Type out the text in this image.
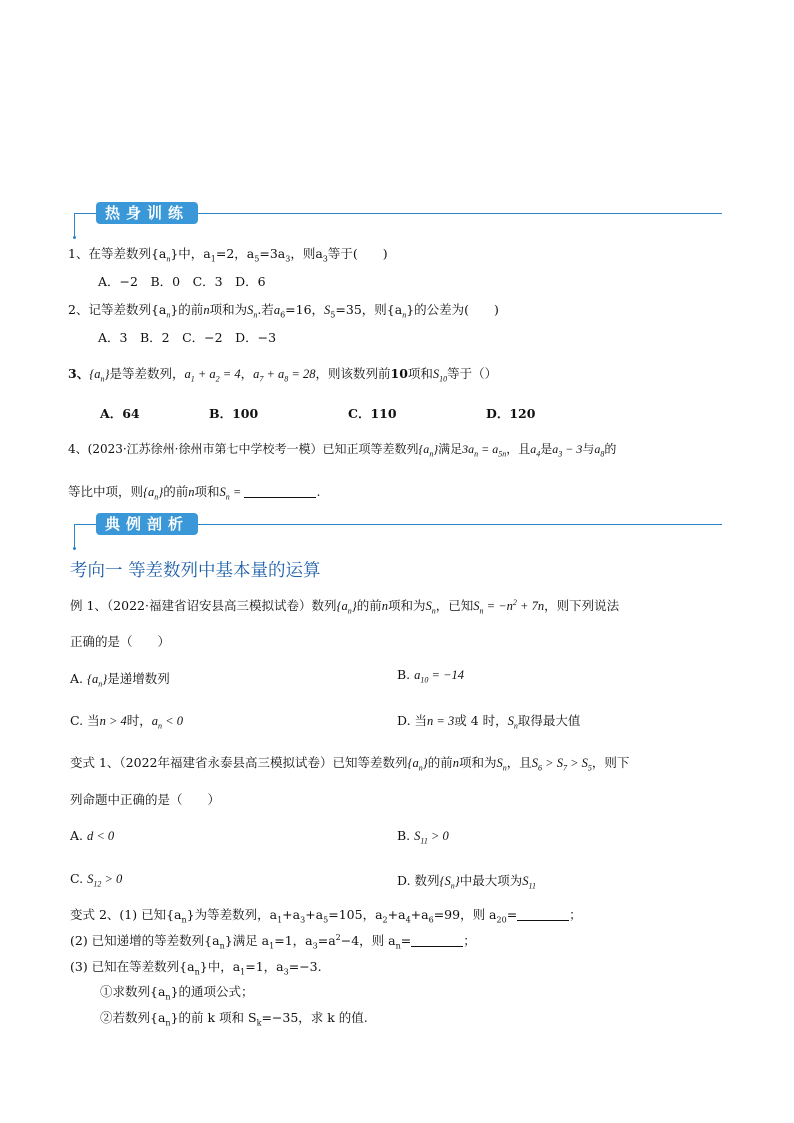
热身训练
1、在等差数列$\{a_n\}$中，$a_1=2$，$a_5=3a_3$，则$a_3$等于(　　)
A．−2　B．0　C．3　D．6
2、记等差数列$\{a_n\}$的前n项和为$S_n$.若$a_6=16$，$S_5=35$，则$\{a_n\}$的公差为(　　)
A．3　B．2　C．−2　D．−3
3、$\{a_n\}$是等差数列，$a_1 + a_2 = 4$，$a_7 + a_8 = 28$，则该数列前10项和$S_{10}$等于（）
A．64	B．100	C．110	D．120
4、(2023·江苏徐州·徐州市第七中学校考一模）已知正项等差数列$\{a_n\}$满足$3a_n = a_{5n}$，且$a_4$是$a_3 - 3$与$a_8$的
等比中项，则$\{a_n\}$的前n项和$S_n$ =	.
典例剖析
考向一 等差数列中基本量的运算
例 1、（2022·福建省诏安县高三模拟试卷）数列$\{a_n\}$的前n项和为$S_n$，已知$S_n = -n^2 + 7n$，则下列说法
正确的是（　　）
A. $\{a_n\}$是递增数列	B. $a_{10} = -14$
C. 当n > 4时，$a_n < 0$	D. 当n = 3或 4 时，$S_n$取得最大值
变式 1、（2022年福建省永泰县高三模拟试卷）已知等差数列$\{a_n\}$的前n项和为$S_n$，且$S_6 > S_7 > S_5$，则下
列命题中正确的是（　　）
A. d < 0	B. $S_{11} > 0$
C. $S_{12} > 0$	D. 数列$\{S_n\}$中最大项为$S_{11}$
变式 2、(1) 已知$\{a_n\}$为等差数列，$a_1+a_3+a_5=105$，$a_2+a_4+a_6=99$，则 $a_{20}=$	；
(2) 已知递增的等差数列$\{a_n\}$满足 $a_1=1$，$a_3=a^2-4$，则 $a_n=$	；
(3) 已知在等差数列$\{a_n\}$中，$a_1=1$，$a_3=-3$.
①求数列$\{a_n\}$的通项公式；
②若数列$\{a_n\}$的前 k 项和 $S_k=-35$，求 k 的值.
